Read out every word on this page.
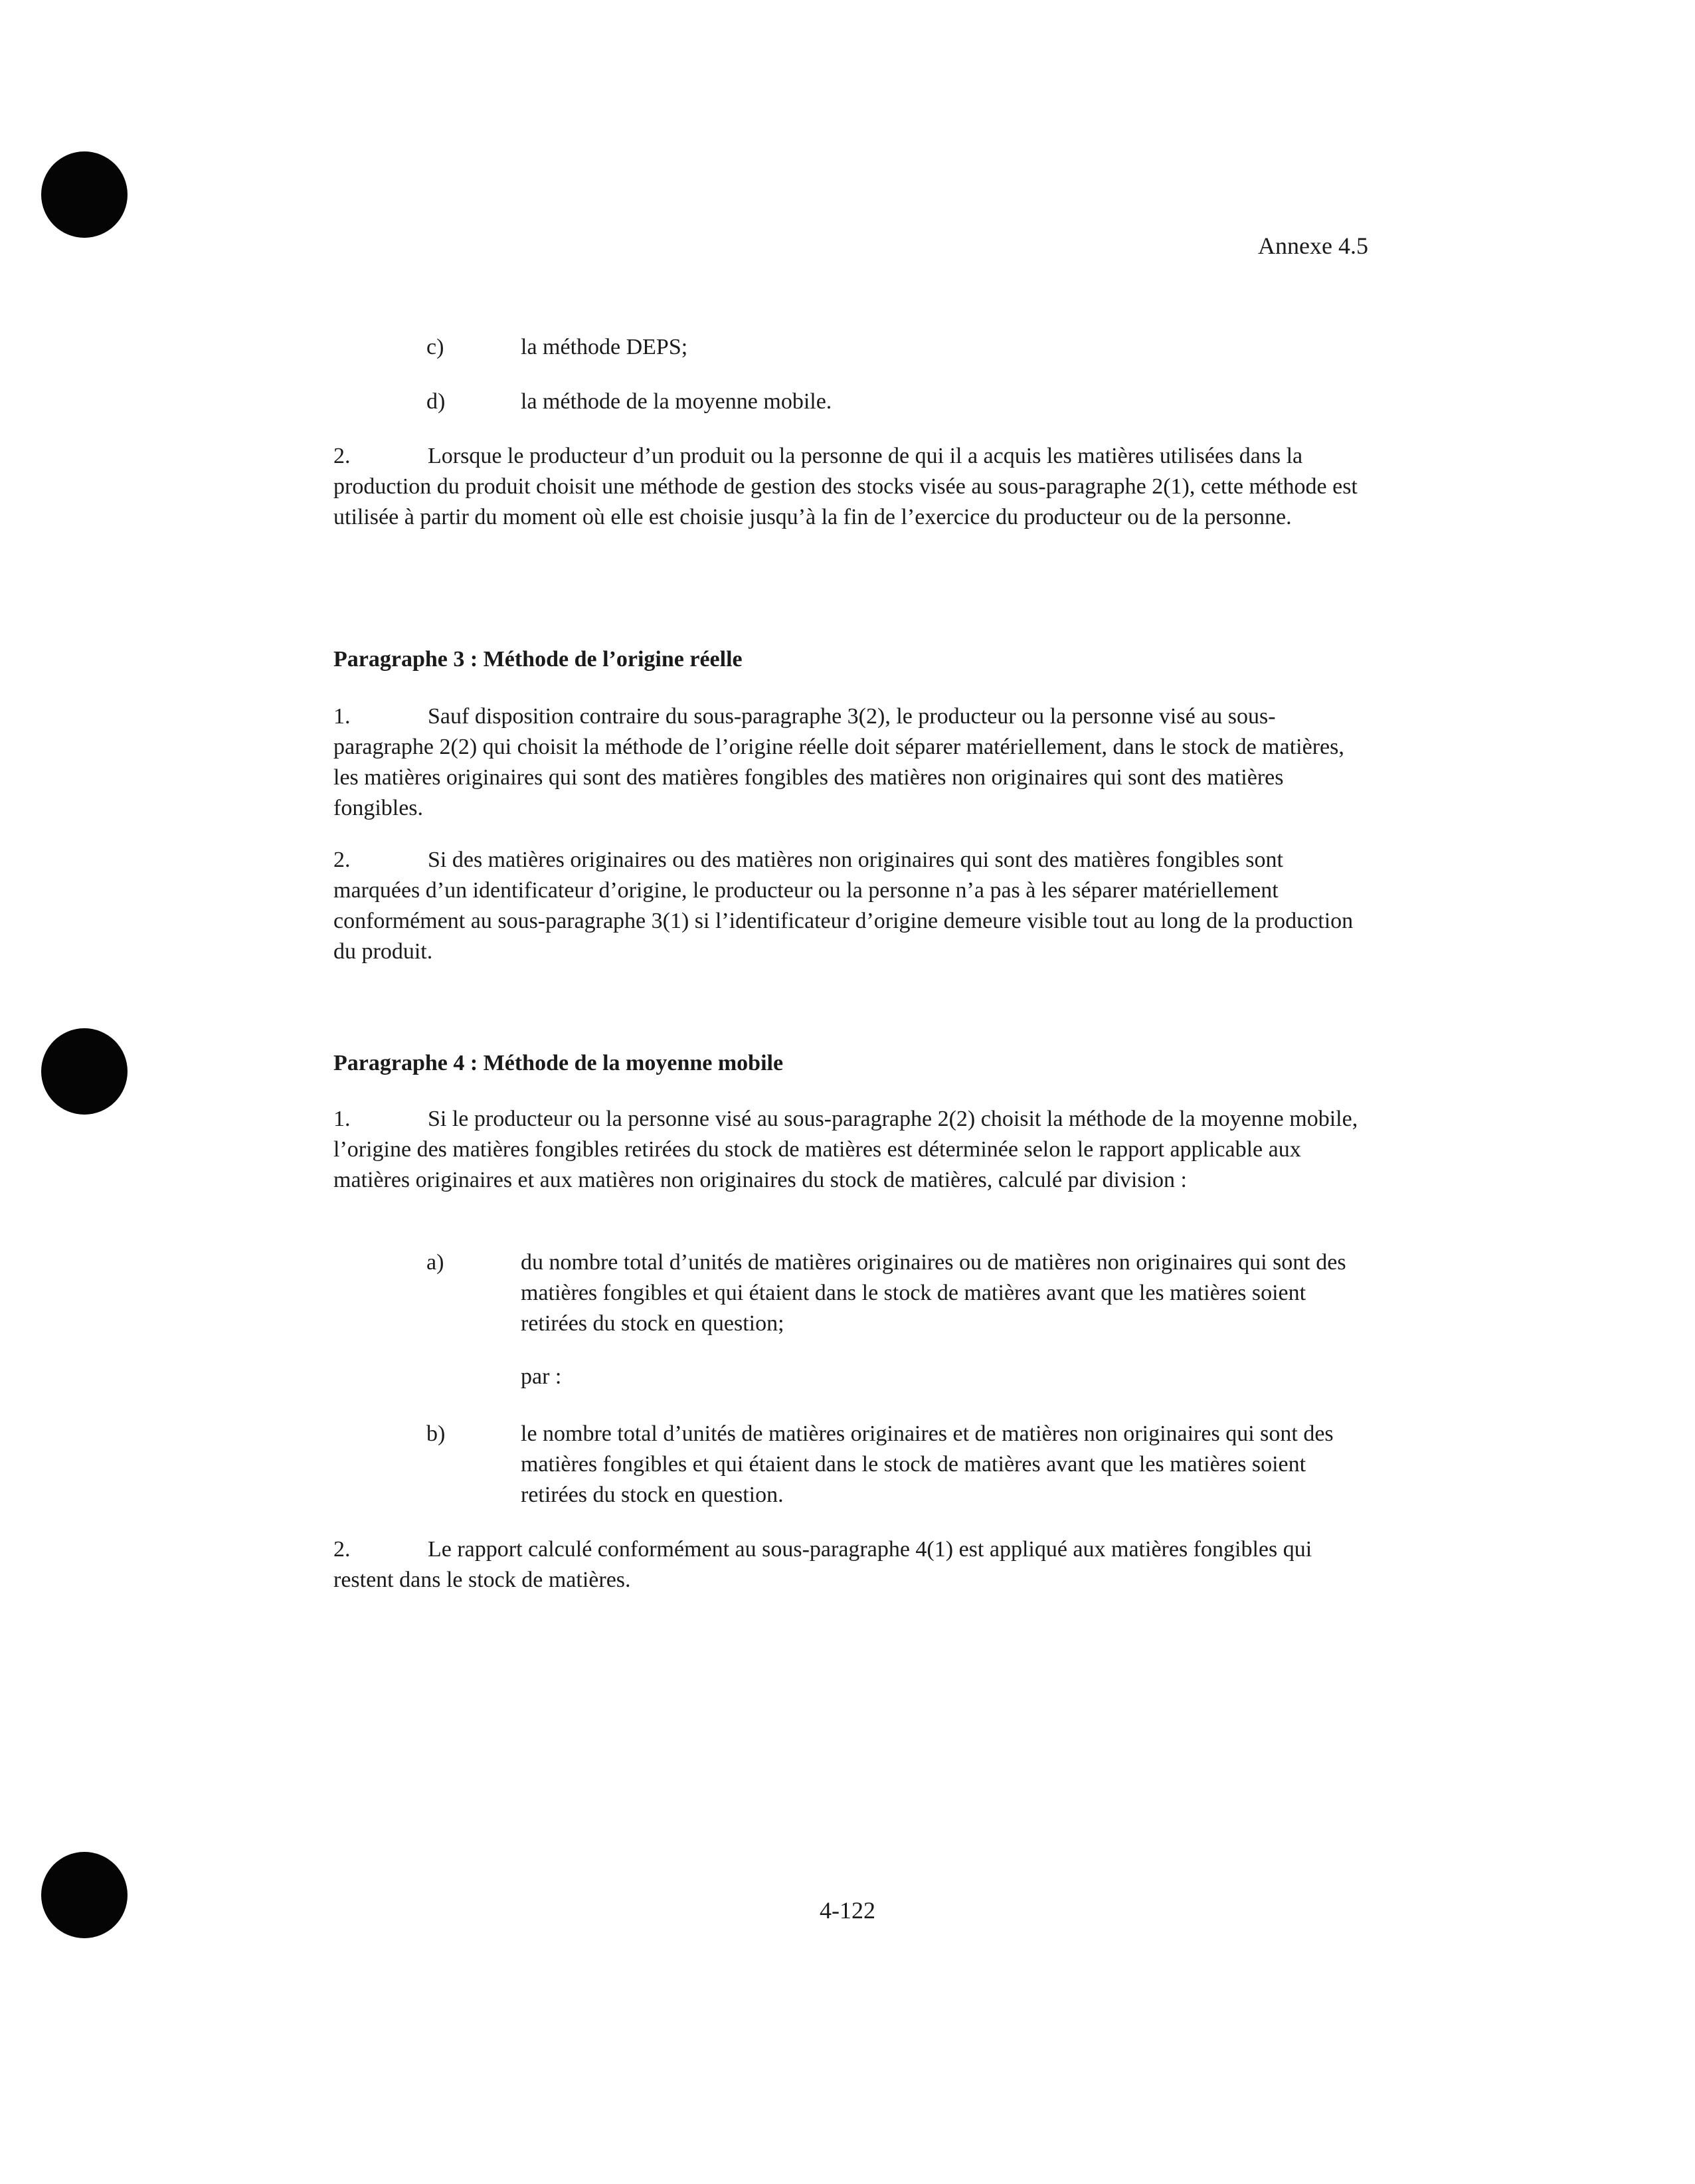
Annexe 4.5
c)	la méthode DEPS;
d)	la méthode de la moyenne mobile.

2.	Lorsque le producteur d’un produit ou la personne de qui il a acquis les matières utilisées dans la production du produit choisit une méthode de gestion des stocks visée au sous-paragraphe 2(1), cette méthode est utilisée à partir du moment où elle est choisie jusqu’à la fin de l’exercice du producteur ou de la personne.

Paragraphe 3 : Méthode de l’origine réelle

1.	Sauf disposition contraire du sous-paragraphe 3(2), le producteur ou la personne visé au sous-paragraphe 2(2) qui choisit la méthode de l’origine réelle doit séparer matériellement, dans le stock de matières, les matières originaires qui sont des matières fongibles des matières non originaires qui sont des matières fongibles.

2.	Si des matières originaires ou des matières non originaires qui sont des matières fongibles sont marquées d’un identificateur d’origine, le producteur ou la personne n’a pas à les séparer matériellement conformément au sous-paragraphe 3(1) si l’identificateur d’origine demeure visible tout au long de la production du produit.

Paragraphe 4 : Méthode de la moyenne mobile

1.	Si le producteur ou la personne visé au sous-paragraphe 2(2) choisit la méthode de la moyenne mobile, l’origine des matières fongibles retirées du stock de matières est déterminée selon le rapport applicable aux matières originaires et aux matières non originaires du stock de matières, calculé par division :

a)	du nombre total d’unités de matières originaires ou de matières non originaires qui sont des matières fongibles et qui étaient dans le stock de matières avant que les matières soient retirées du stock en question;
par :
b)	le nombre total d’unités de matières originaires et de matières non originaires qui sont des matières fongibles et qui étaient dans le stock de matières avant que les matières soient retirées du stock en question.

2.	Le rapport calculé conformément au sous-paragraphe 4(1) est appliqué aux matières fongibles qui restent dans le stock de matières.

4-122
